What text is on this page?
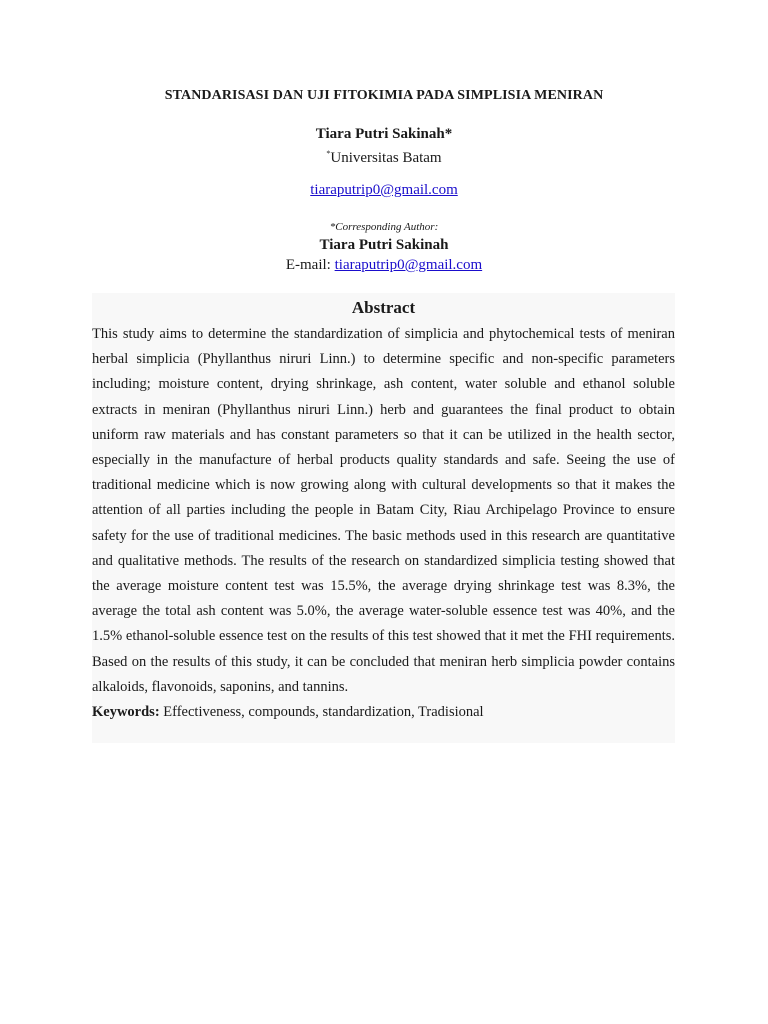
STANDARISASI DAN UJI FITOKIMIA PADA SIMPLISIA MENIRAN
Tiara Putri Sakinah*
*Universitas Batam
tiaraputrip0@gmail.com
*Corresponding Author:
Tiara Putri Sakinah
E-mail: tiaraputrip0@gmail.com
Abstract
This study aims to determine the standardization of simplicia and phytochemical tests of meniran herbal simplicia (Phyllanthus niruri Linn.) to determine specific and non-specific parameters including; moisture content, drying shrinkage, ash content, water soluble and ethanol soluble extracts in meniran (Phyllanthus niruri Linn.) herb and guarantees the final product to obtain uniform raw materials and has constant parameters so that it can be utilized in the health sector, especially in the manufacture of herbal products quality standards and safe. Seeing the use of traditional medicine which is now growing along with cultural developments so that it makes the attention of all parties including the people in Batam City, Riau Archipelago Province to ensure safety for the use of traditional medicines. The basic methods used in this research are quantitative and qualitative methods. The results of the research on standardized simplicia testing showed that the average moisture content test was 15.5%, the average drying shrinkage test was 8.3%, the average the total ash content was 5.0%, the average water-soluble essence test was 40%, and the 1.5% ethanol-soluble essence test on the results of this test showed that it met the FHI requirements. Based on the results of this study, it can be concluded that meniran herb simplicia powder contains alkaloids, flavonoids, saponins, and tannins.
Keywords: Effectiveness, compounds, standardization, Tradisional
